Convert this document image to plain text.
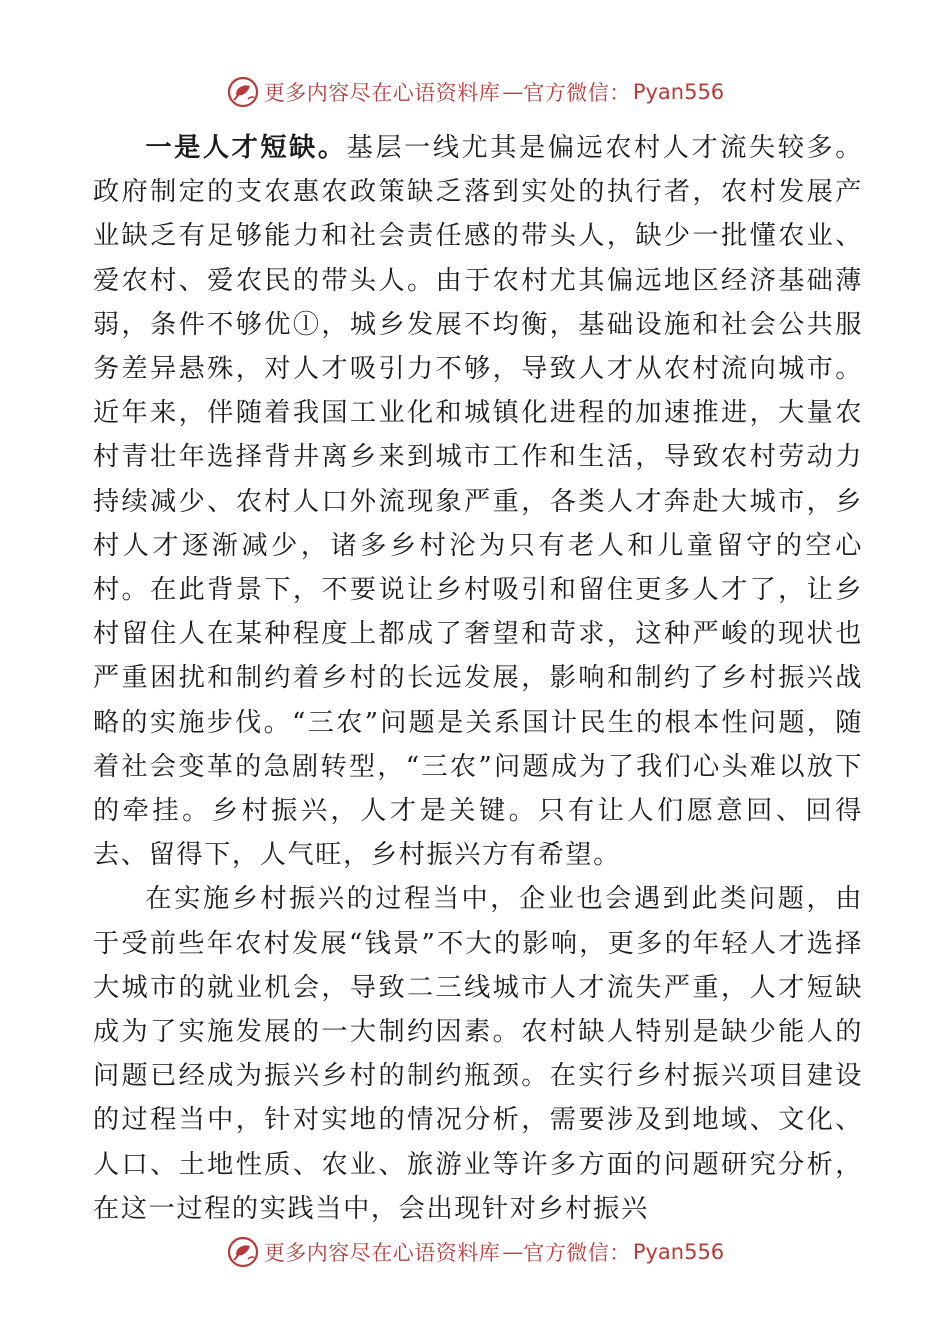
更多内容尽在心语资料库 — 官方微信： Pyan556

一是人才短缺。基层一线尤其是偏远农村人才流失较多。政府制定的支农惠农政策缺乏落到实处的执行者，农村发展产业缺乏有足够能力和社会责任感的带头人，缺少一批懂农业、爱农村、爱农民的带头人。由于农村尤其偏远地区经济基础薄弱，条件不够优ⓛ，城乡发展不均衡，基础设施和社会公共服务差异悬殊，对人才吸引力不够，导致人才从农村流向城市。近年来，伴随着我国工业化和城镇化进程的加速推进，大量农村青壮年选择背井离乡来到城市工作和生活，导致农村劳动力持续减少、农村人口外流现象严重，各类人才奔赴大城市，乡村人才逐渐减少，诸多乡村沦为只有老人和儿童留守的空心村。在此背景下，不要说让乡村吸引和留住更多人才了，让乡村留住人在某种程度上都成了奢望和苛求，这种严峻的现状也严重困扰和制约着乡村的长远发展，影响和制约了乡村振兴战略的实施步伐。“三农”问题是关系国计民生的根本性问题，随着社会变革的急剧转型，“三农”问题成为了我们心头难以放下的牵挂。乡村振兴，人才是关键。只有让人们愿意回、回得去、留得下，人气旺，乡村振兴方有希望。

在实施乡村振兴的过程当中，企业也会遇到此类问题，由于受前些年农村发展“钱景”不大的影响，更多的年轻人才选择大城市的就业机会，导致二三线城市人才流失严重，人才短缺成为了实施发展的一大制约因素。农村缺人特别是缺少能人的问题已经成为振兴乡村的制约瓶颈。在实行乡村振兴项目建设的过程当中，针对实地的情况分析，需要涉及到地域、文化、人口、土地性质、农业、旅游业等许多方面的问题研究分析，在这一过程的实践当中，会出现针对乡村振兴

更多内容尽在心语资料库 — 官方微信： Pyan556
